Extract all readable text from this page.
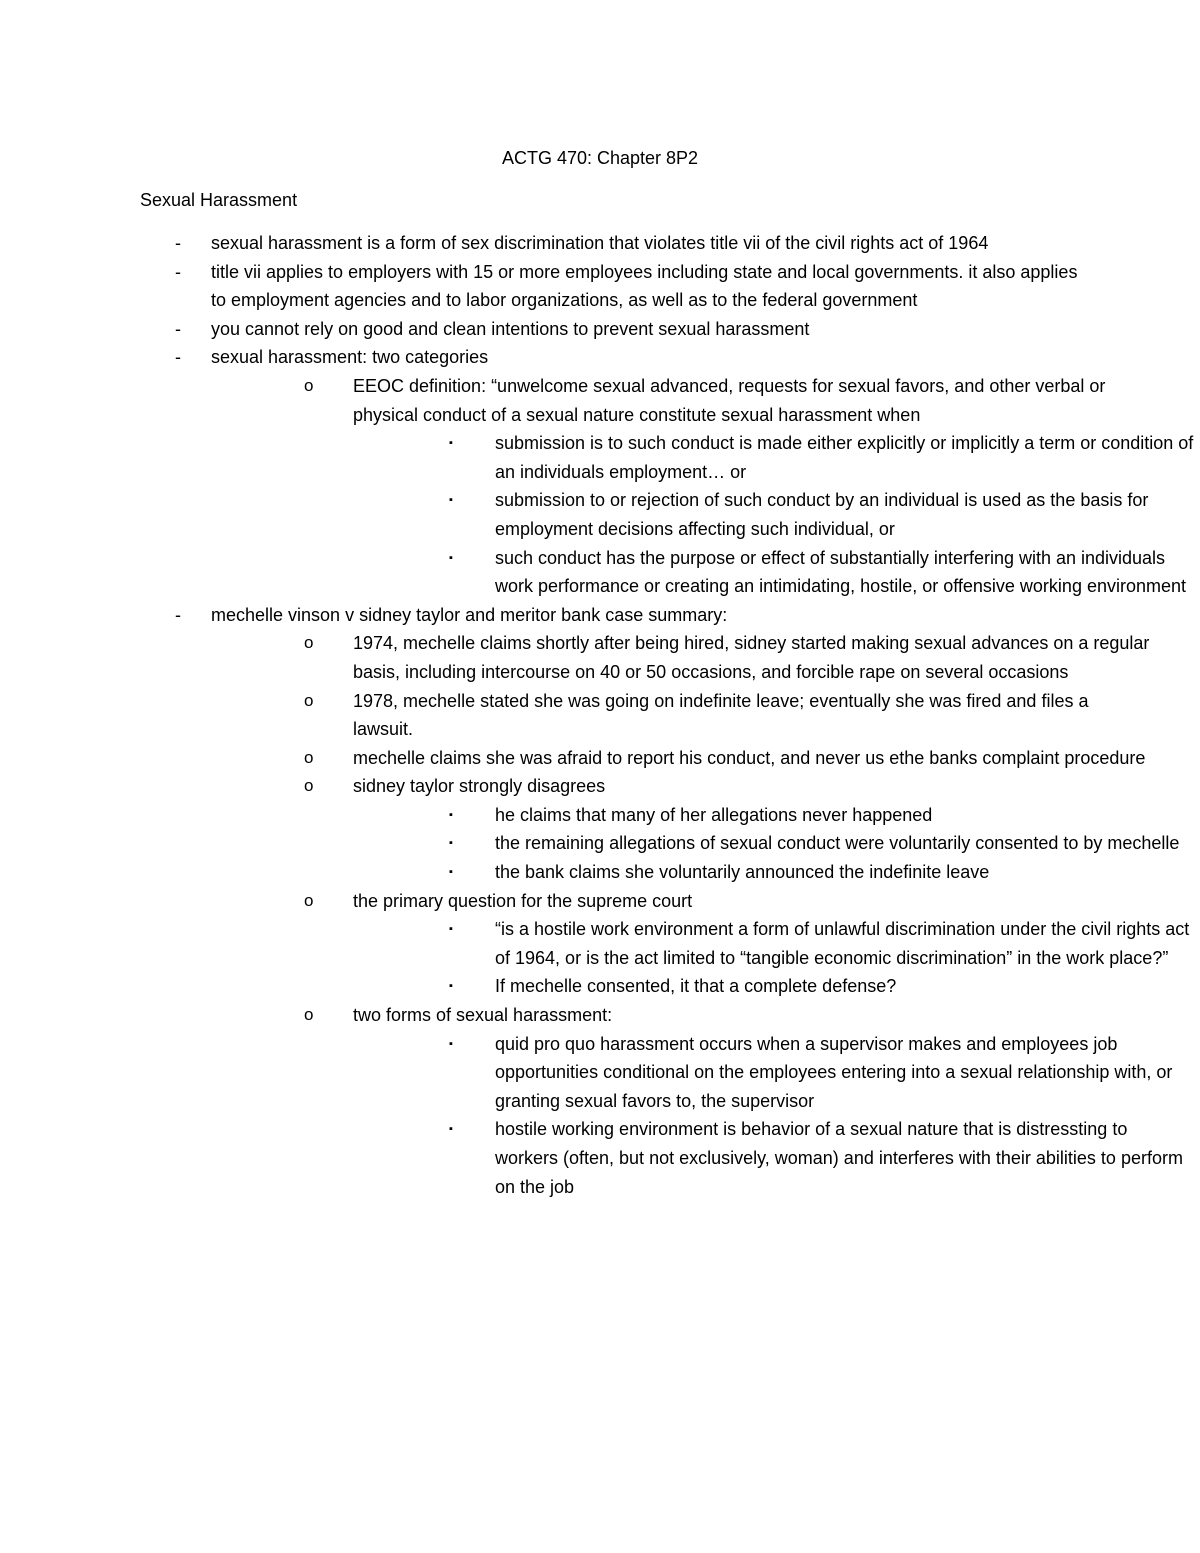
ACTG 470: Chapter 8P2
Sexual Harassment
- sexual harassment is a form of sex discrimination that violates title vii of the civil rights act of 1964
- title vii applies to employers with 15 or more employees including state and local governments. it also applies to employment agencies and to labor organizations, as well as to the federal government
- you cannot rely on good and clean intentions to prevent sexual harassment
- sexual harassment: two categories
o EEOC definition: “unwelcome sexual advanced, requests for sexual favors, and other verbal or physical conduct of a sexual nature constitute sexual harassment when
▪ submission is to such conduct is made either explicitly or implicitly a term or condition of an individuals employment… or
▪ submission to or rejection of such conduct by an individual is used as the basis for employment decisions affecting such individual, or
▪ such conduct has the purpose or effect of substantially interfering with an individuals work performance or creating an intimidating, hostile, or offensive working environment
- mechelle vinson v sidney taylor and meritor bank case summary:
o 1974, mechelle claims shortly after being hired, sidney started making sexual advances on a regular basis, including intercourse on 40 or 50 occasions, and forcible rape on several occasions
o 1978, mechelle stated she was going on indefinite leave; eventually she was fired and files a lawsuit.
o mechelle claims she was afraid to report his conduct, and never us ethe banks complaint procedure
o sidney taylor strongly disagrees
▪ he claims that many of her allegations never happened
▪ the remaining allegations of sexual conduct were voluntarily consented to by mechelle
▪ the bank claims she voluntarily announced the indefinite leave
o the primary question for the supreme court
▪ “is a hostile work environment a form of unlawful discrimination under the civil rights act of 1964, or is the act limited to “tangible economic discrimination” in the work place?”
▪ If mechelle consented, it that a complete defense?
o two forms of sexual harassment:
▪ quid pro quo harassment occurs when a supervisor makes and employees job opportunities conditional on the employees entering into a sexual relationship with, or granting sexual favors to, the supervisor
▪ hostile working environment is behavior of a sexual nature that is distressting to workers (often, but not exclusively, woman) and interferes with their abilities to perform on the job
